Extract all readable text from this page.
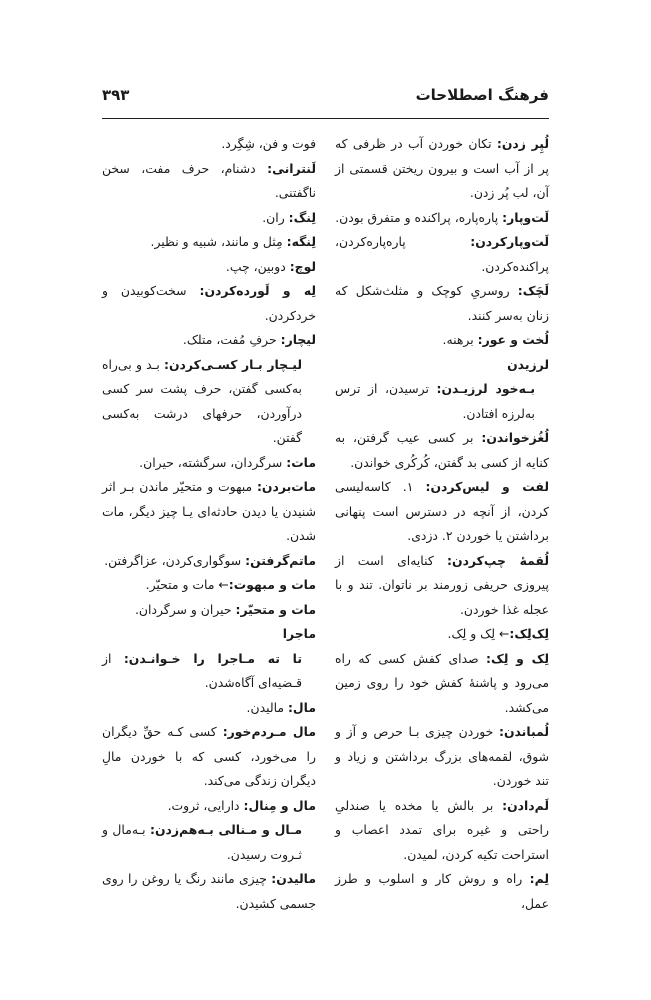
فرهنگ اصطلاحات
۳۹۳

لُپِر زدن: تکان خوردن آب در ظرفی که پر از آب است و بیرون ریختن قسمتی از آن، لب پُر زدن.

لَت‌وپار: پاره‌پاره، پراکنده و متفرق بودن.

لَت‌وپارکردن: پاره‌پاره‌کردن، پراکنده‌کردن.

لَچَک: روسریِ کوچک و مثلث‌شکل که زنان به‌سر کنند.

لُخت و عور: برهنه.

لرزیدن

بـه‌خود لرزیـدن: ترسیدن، از ترس به‌لرزه افتادن.

لُغُزخواندن: بر کسی عیب گرفتن، به کنایه از کسی بد گفتن، کُرکُری خواندن.

لفت و لیس‌کردن: ۱. کاسه‌لیسی کردن، از آنچه در دسترس است پنهانی برداشتن یا خوردن ۲. دزدی.

لُقمهٔ چپ‌کردن: کنایه‌ای است از پیروزی حریفی زورمند بر ناتوان. تند و با عجله غذا خوردن.

لِک‌لِک:← لِک و لِک.

لِک و لِک: صدای کفش کسی که راه می‌رود و پاشنهٔ کفش خود را روی زمین می‌کشد.

لُمباندن: خوردن چیزی بـا حرص و آز و شوق، لقمه‌های بزرگ برداشتن و زیاد و تند خوردن.

لَم‌دادن: بر بالش یا مخده یا صندلیِ راحتی و غیره برای تمدد اعصاب و استراحت تکیه کردن، لمیدن.

لِم: راه و روش کار و اسلوب و طرز عمل،

فوت و فن، شِگِرد.

لَنترانی: دشنام، حرف مفت، سخن ناگفتنی.

لِنگ: ران.

لِنگه: مِثل و مانند، شبیه و نظیر.

لوچ: دوبین، چپ.

لِه و لَورده‌کردن: سخت‌کوبیدن و خردکردن.

لیچار: حرفِ مُفت، متلک.

لیـچار بـار کسـی‌کردن: بـد و بی‌راه به‌کسی گفتن، حرف پشت سر کسی درآوردن، حرفهای درشت به‌کسی گفتن.

مات: سرگردان، سرگشته، حیران.

مات‌بردن: مبهوت و متحیّر ماندن بـر اثر شنیدن یا دیدن حادثه‌ای یـا چیز دیگر، مات شدن.

ماتم‌گرفتن: سوگواری‌کردن، عزاگرفتن.

مات و مبهوت:← مات و متحیّر.

مات و متحیّر: حیران و سرگردان.

ماجرا

تا ته مـاجرا را خـوانـدن: از قـضیه‌ای آگاه‌شدن.

مال: مالیدن.

مال مـردم‌خور: کسی کـه حقِّ دیگران را می‌خورد، کسی که با خوردن مالِ دیگران زندگی می‌کند.

مال و مِنال: دارایی، ثروت.

مـال و مـنالی بـه‌هم‌زدن: بـه‌مال و ثـروت رسیدن.

مالیدن: چیزی مانند رنگ یا روغن را روی جسمی کشیدن.
